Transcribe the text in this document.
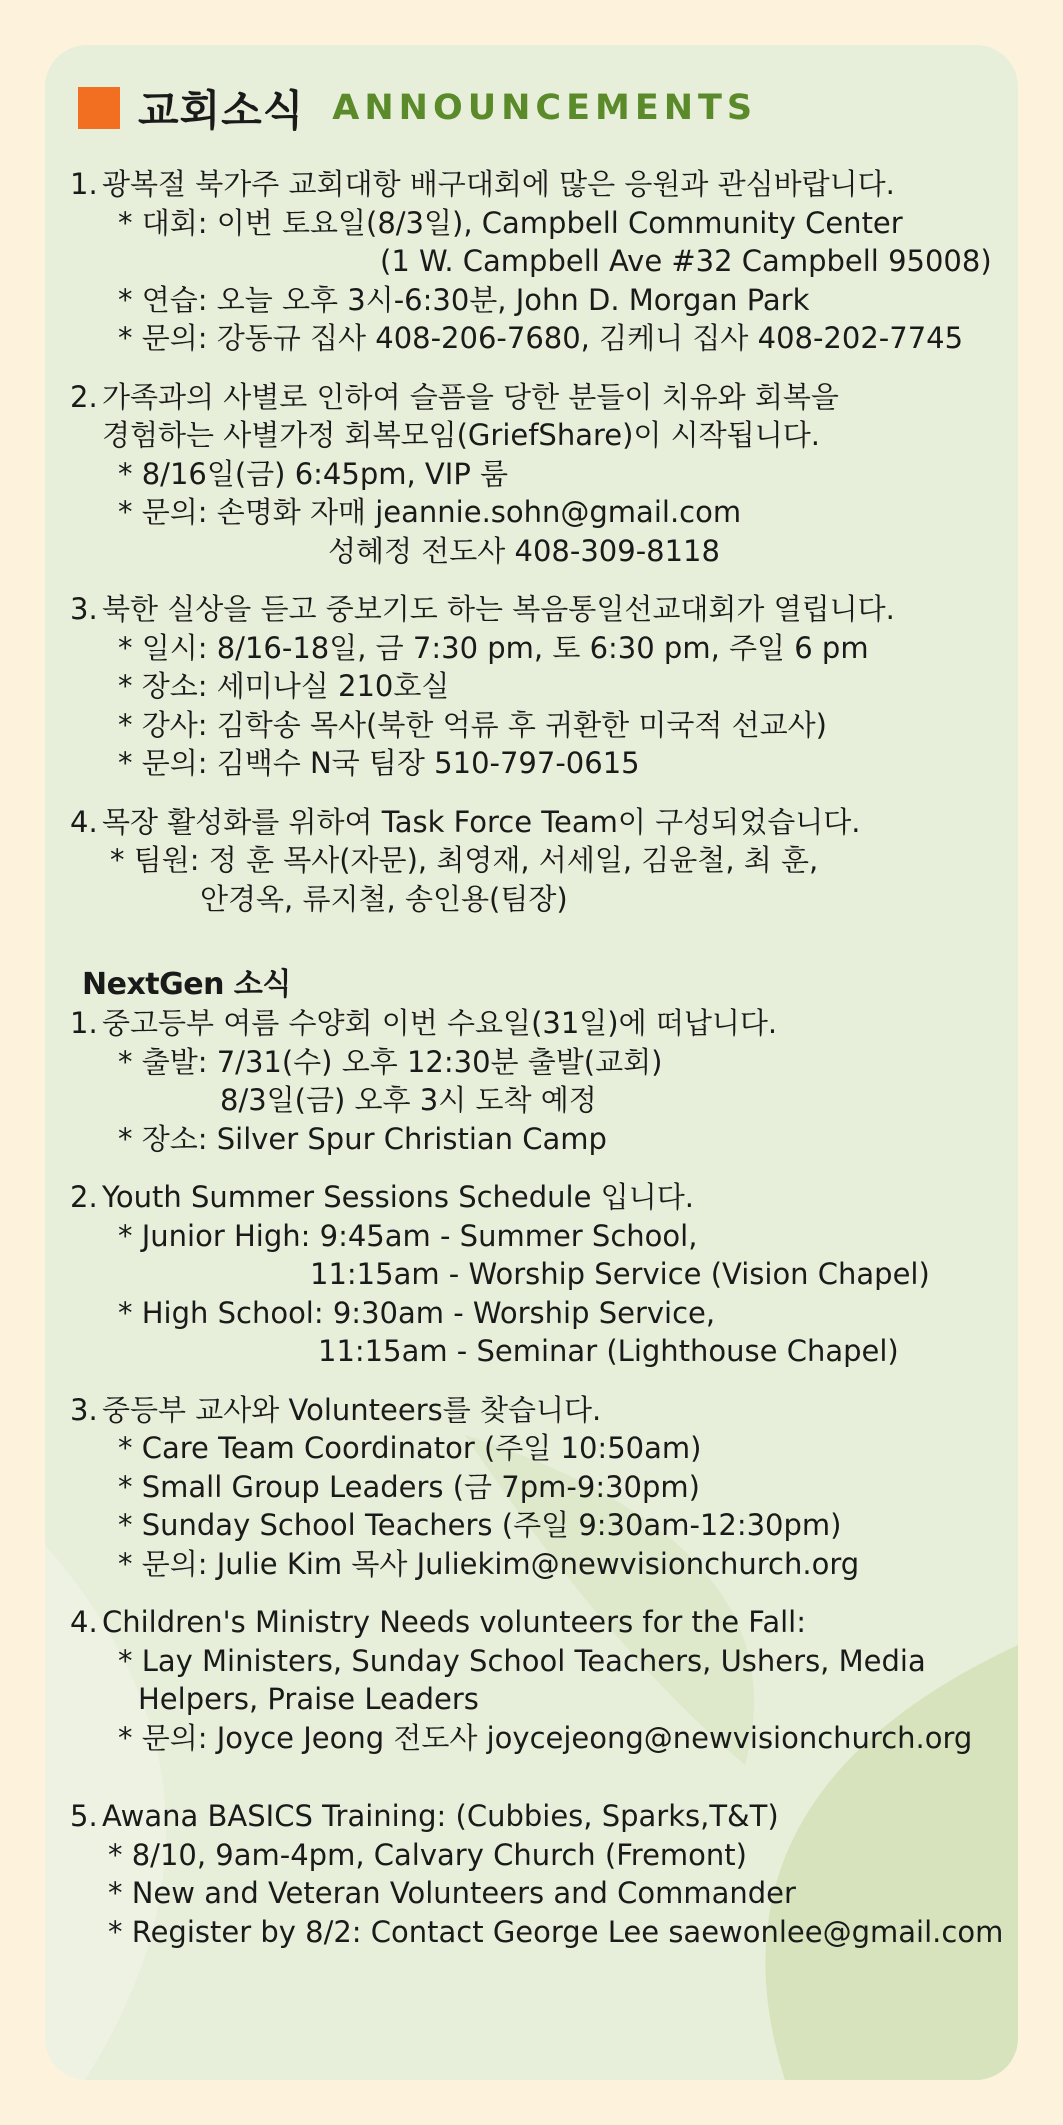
교회소식 ANNOUNCEMENTS
1. 광복절 북가주 교회대항 배구대회에 많은 응원과 관심바랍니다.
* 대회: 이번 토요일(8/3일), Campbell Community Center
(1 W. Campbell Ave #32 Campbell 95008)
* 연습: 오늘 오후 3시-6:30분, John D. Morgan Park
* 문의: 강동규 집사 408-206-7680, 김케니 집사 408-202-7745
2. 가족과의 사별로 인하여 슬픔을 당한 분들이 치유와 회복을
경험하는 사별가정 회복모임(GriefShare)이 시작됩니다.
* 8/16일(금) 6:45pm, VIP 룸
* 문의: 손명화 자매 jeannie.sohn@gmail.com
성혜정 전도사 408-309-8118
3. 북한 실상을 듣고 중보기도 하는 복음통일선교대회가 열립니다.
* 일시: 8/16-18일, 금 7:30 pm, 토 6:30 pm, 주일 6 pm
* 장소: 세미나실 210호실
* 강사: 김학송 목사(북한 억류 후 귀환한 미국적 선교사)
* 문의: 김백수 N국 팀장 510-797-0615
4. 목장 활성화를 위하여 Task Force Team이 구성되었습니다.
* 팀원: 정 훈 목사(자문), 최영재, 서세일, 김윤철, 최 훈,
안경옥, 류지철, 송인용(팀장)
NextGen 소식
1. 중고등부 여름 수양회 이번 수요일(31일)에 떠납니다.
* 출발: 7/31(수) 오후 12:30분 출발(교회)
8/3일(금) 오후 3시 도착 예정
* 장소: Silver Spur Christian Camp
2. Youth Summer Sessions Schedule 입니다.
* Junior High: 9:45am - Summer School,
11:15am - Worship Service (Vision Chapel)
* High School: 9:30am - Worship Service,
11:15am - Seminar (Lighthouse Chapel)
3. 중등부 교사와 Volunteers를 찾습니다.
* Care Team Coordinator (주일 10:50am)
* Small Group Leaders (금 7pm-9:30pm)
* Sunday School Teachers (주일 9:30am-12:30pm)
* 문의: Julie Kim 목사 Juliekim@newvisionchurch.org
4. Children's Ministry Needs volunteers for the Fall:
* Lay Ministers, Sunday School Teachers, Ushers, Media
Helpers, Praise Leaders
* 문의: Joyce Jeong 전도사 joycejeong@newvisionchurch.org
5. Awana BASICS Training: (Cubbies, Sparks,T&T)
* 8/10, 9am-4pm, Calvary Church (Fremont)
* New and Veteran Volunteers and Commander
* Register by 8/2: Contact George Lee saewonlee@gmail.com
